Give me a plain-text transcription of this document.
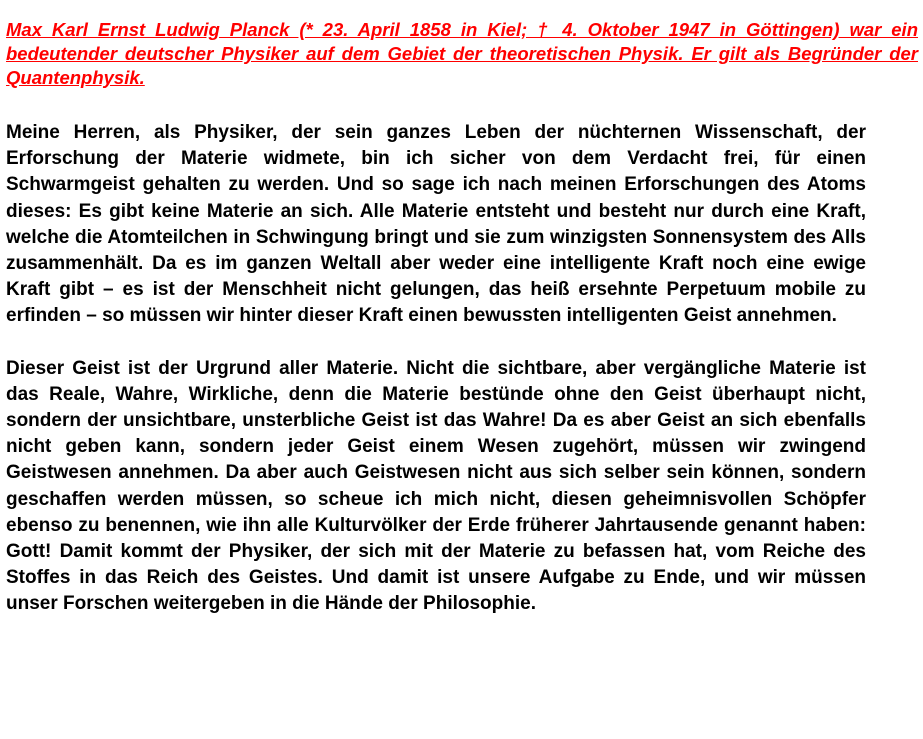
Max Karl Ernst Ludwig Planck (* 23. April 1858 in Kiel; † 4. Oktober 1947 in Göttingen) war ein bedeutender deutscher Physiker auf dem Gebiet der theoretischen Physik. Er gilt als Begründer der Quantenphysik.

Meine Herren, als Physiker, der sein ganzes Leben der nüchternen Wissenschaft, der Erforschung der Materie widmete, bin ich sicher von dem Verdacht frei, für einen Schwarmgeist gehalten zu werden. Und so sage ich nach meinen Erforschungen des Atoms dieses: Es gibt keine Materie an sich. Alle Materie entsteht und besteht nur durch eine Kraft, welche die Atomteilchen in Schwingung bringt und sie zum winzigsten Sonnensystem des Alls zusammenhält. Da es im ganzen Weltall aber weder eine intelligente Kraft noch eine ewige Kraft gibt – es ist der Menschheit nicht gelungen, das heiß ersehnte Perpetuum mobile zu erfinden – so müssen wir hinter dieser Kraft einen bewussten intelligenten Geist annehmen.

Dieser Geist ist der Urgrund aller Materie. Nicht die sichtbare, aber vergängliche Materie ist das Reale, Wahre, Wirkliche, denn die Materie bestünde ohne den Geist überhaupt nicht, sondern der unsichtbare, unsterbliche Geist ist das Wahre! Da es aber Geist an sich ebenfalls nicht geben kann, sondern jeder Geist einem Wesen zugehört, müssen wir zwingend Geistwesen annehmen. Da aber auch Geistwesen nicht aus sich selber sein können, sondern geschaffen werden müssen, so scheue ich mich nicht, diesen geheimnisvollen Schöpfer ebenso zu benennen, wie ihn alle Kulturvölker der Erde früherer Jahrtausende genannt haben: Gott! Damit kommt der Physiker, der sich mit der Materie zu befassen hat, vom Reiche des Stoffes in das Reich des Geistes. Und damit ist unsere Aufgabe zu Ende, und wir müssen unser Forschen weitergeben in die Hände der Philosophie.
